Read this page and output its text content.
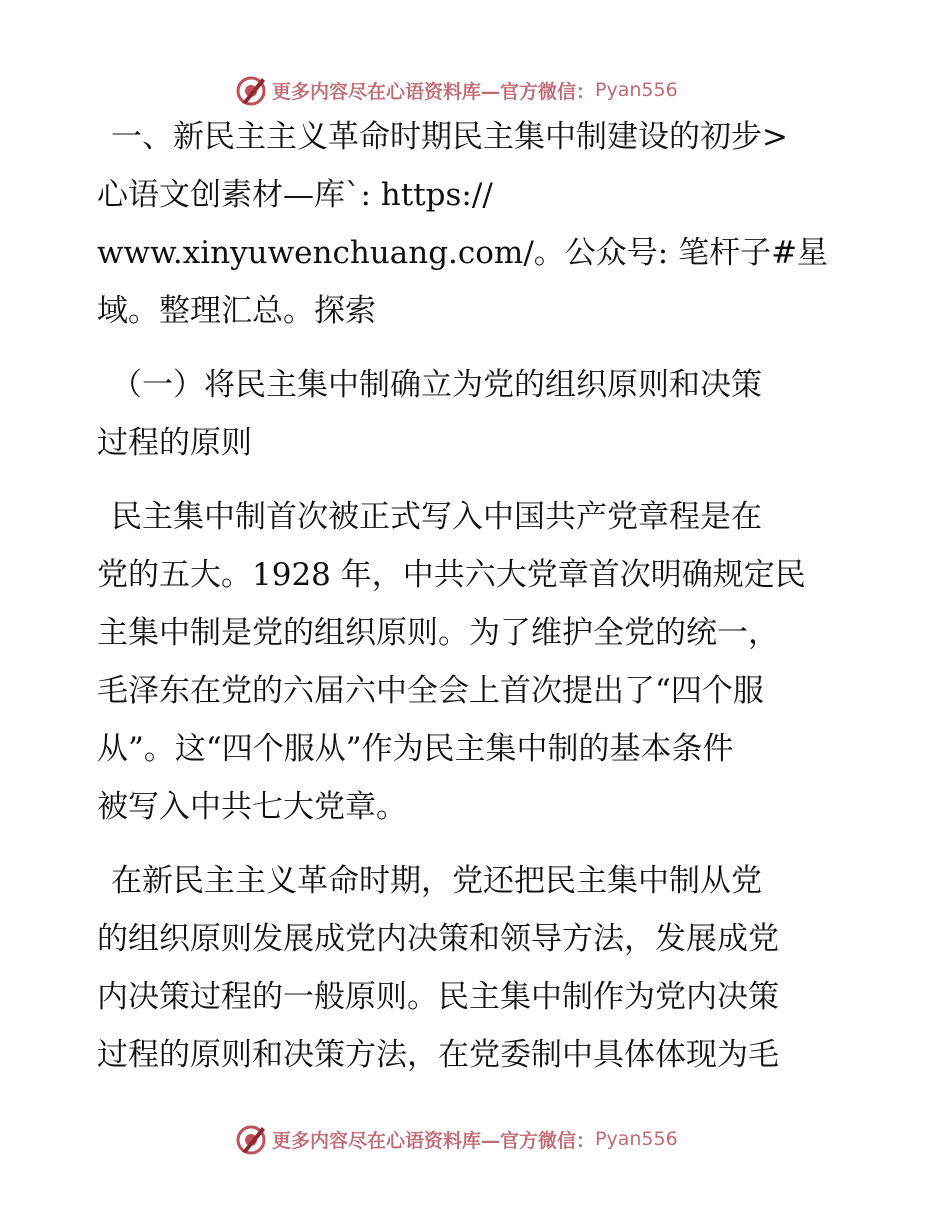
更多内容尽在心语资料库—官方微信： Pyan556
一、新民主主义革命时期民主集中制建设的初步>
心语文创素材—库`: https://
www.xinyuwenchuang.com/。公众号: 笔杆子#星
域。整理汇总。探索
（一）将民主集中制确立为党的组织原则和决策
过程的原则
民主集中制首次被正式写入中国共产党章程是在
党的五大。1928 年，中共六大党章首次明确规定民
主集中制是党的组织原则。为了维护全党的统一，
毛泽东在党的六届六中全会上首次提出了“四个服
从”。这“四个服从”作为民主集中制的基本条件
被写入中共七大党章。
在新民主主义革命时期，党还把民主集中制从党
的组织原则发展成党内决策和领导方法，发展成党
内决策过程的一般原则。民主集中制作为党内决策
过程的原则和决策方法，在党委制中具体体现为毛
更多内容尽在心语资料库—官方微信： Pyan556
